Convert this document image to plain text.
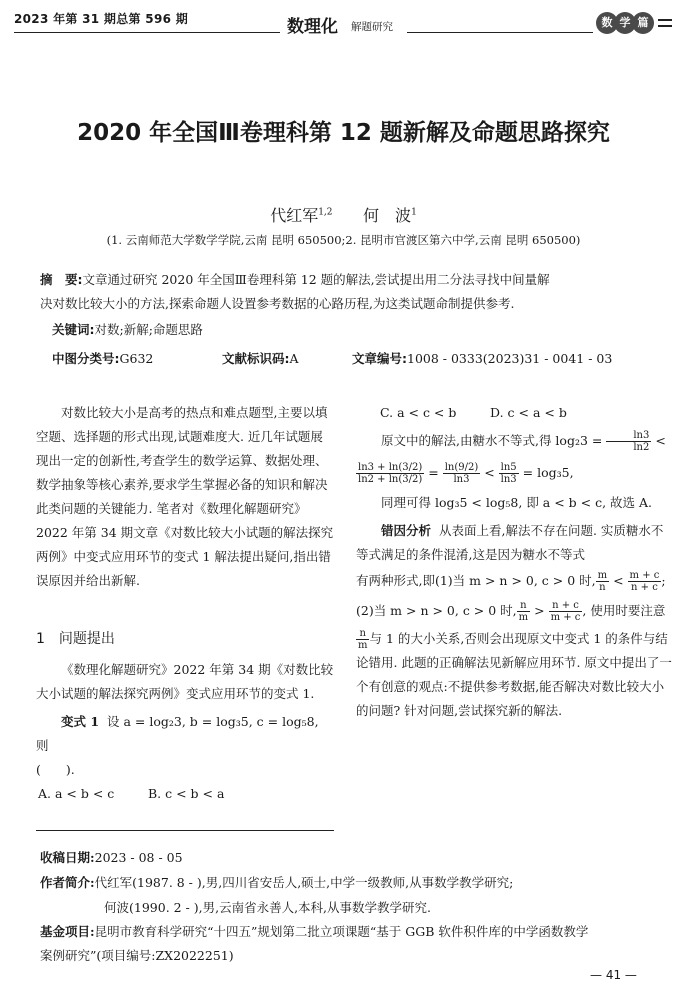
2023 年第 31 期总第 596 期	数理化 解题研究	数 学 篇
2020 年全国Ⅲ卷理科第 12 题新解及命题思路探究
代红军$^{1,2}$ 何　波$^1$
(1. 云南师范大学数学学院,云南 昆明 650500;2. 昆明市官渡区第六中学,云南 昆明 650500)
摘　要:文章通过研究 2020 年全国Ⅲ卷理科第 12 题的解法,尝试提出用二分法寻找中间量解
决对数比较大小的方法,探索命题人设置参考数据的心路历程,为这类试题命制提供参考.
关键词:对数;新解;命题思路
中图分类号:G632	文献标识码:A	文章编号:1008 - 0333(2023)31 - 0041 - 03

对数比较大小是高考的热点和难点题型,主要以填空题、选择题的形式出现,试题难度大. 近几年试题展现出一定的创新性,考查学生的数学运算、数据处理、数学抽象等核心素养,要求学生掌握必备的知识和解决此类问题的关键能力. 笔者对《数理化解题研究》2022 年第 34 期文章《对数比较大小试题的解法探究两例》中变式应用环节的变式 1 解法提出疑问,指出错误原因并给出新解.

1　问题提出

《数理化解题研究》2022 年第 34 期《对数比较大小试题的解法探究两例》变式应用环节的变式 1.

变式 1 设 a = log₂3, b = log₃5, c = log₅8, 则

(　　).

A. a < b < c	B. c < b < a

C. a < c < b	D. c < a < b

原文中的解法,由糖水不等式,得 $\log_23 = \frac{\ln 3}{\ln 2}$ <

$\frac{\ln 3 + \ln(3/2)}{\ln 2 + \ln(3/2)} = \frac{\ln(9/2)}{\ln 3} < \frac{\ln 5}{\ln 3} = \log_35$,

同理可得 log₃5 < log₅8, 即 a < b < c, 故选 A.

错因分析 从表面上看,解法不存在问题. 实质糖水不等式满足的条件混淆,这是因为糖水不等式

有两种形式,即(1)当 m > n > 0, c > 0 时, $\frac{m}{n} < \frac{m + c}{n + c}$ ;

(2)当 m > n > 0, c > 0 时, $\frac{n}{m} > \frac{n + c}{m + c}$ , 使用时要注意

$\frac{n}{m}$ 与 1 的大小关系,否则会出现原文中变式 1 的条件与结论错用. 此题的正确解法见新解应用环节. 原文中提出了一个有创意的观点:不提供参考数据,能否解决对数比较大小的问题? 针对问题,尝试探究新的解法.

收稿日期:2023 - 08 - 05
作者简介:代红军(1987. 8 - ),男,四川省安岳人,硕士,中学一级教师,从事数学教学研究;
何波(1990. 2 - ),男,云南省永善人,本科,从事数学教学研究.
基金项目:昆明市教育科学研究“十四五”规划第二批立项课题“基于 GGB 软件积件库的中学函数教学
案例研究”(项目编号:ZX2022251)
— 41 —
